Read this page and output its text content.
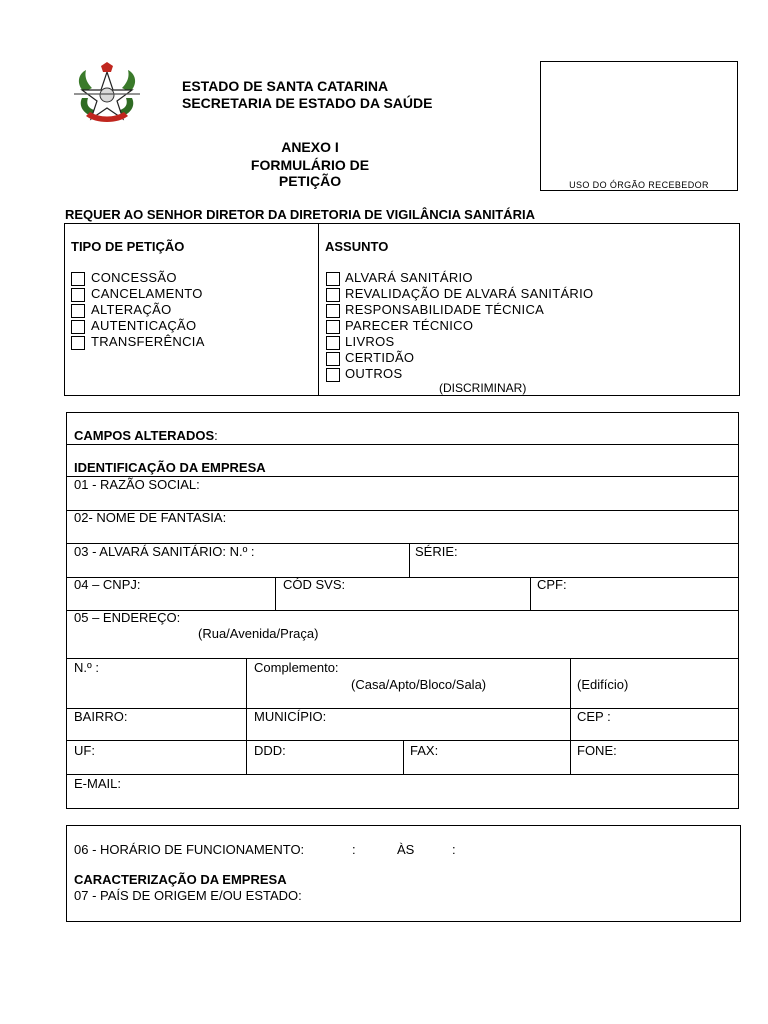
ESTADO DE SANTA CATARINA
SECRETARIA DE ESTADO DA SAÚDE
ANEXO I
FORMULÁRIO DE PETIÇÃO	USO DO ÓRGÃO RECEBEDOR
REQUER AO SENHOR DIRETOR DA DIRETORIA DE VIGILÂNCIA SANITÁRIA
TIPO DE PETIÇÃO
CONCESSÃO
CANCELAMENTO
ALTERAÇÃO
AUTENTICAÇÃO
TRANSFERÊNCIA
ASSUNTO
ALVARÁ SANITÁRIO
REVALIDAÇÃO DE ALVARÁ SANITÁRIO
RESPONSABILIDADE TÉCNICA
PARECER TÉCNICO
LIVROS
CERTIDÃO
OUTROS
(DISCRIMINAR)
CAMPOS ALTERADOS:
IDENTIFICAÇÃO DA EMPRESA
01 - RAZÃO SOCIAL:
02- NOME DE FANTASIA:
03 - ALVARÁ SANITÁRIO: N.º :	SÉRIE:
04 – CNPJ:	CÓD SVS:	CPF:
05 – ENDEREÇO:
(Rua/Avenida/Praça)
N.º :	Complemento:
(Casa/Apto/Bloco/Sala)	(Edifício)
BAIRRO:	MUNICÍPIO:	CEP :
UF:	DDD:	FAX:	FONE:
E-MAIL:
06 - HORÁRIO DE FUNCIONAMENTO:	:	ÀS	:
CARACTERIZAÇÃO DA EMPRESA
07 - PAÍS DE ORIGEM E/OU ESTADO:
